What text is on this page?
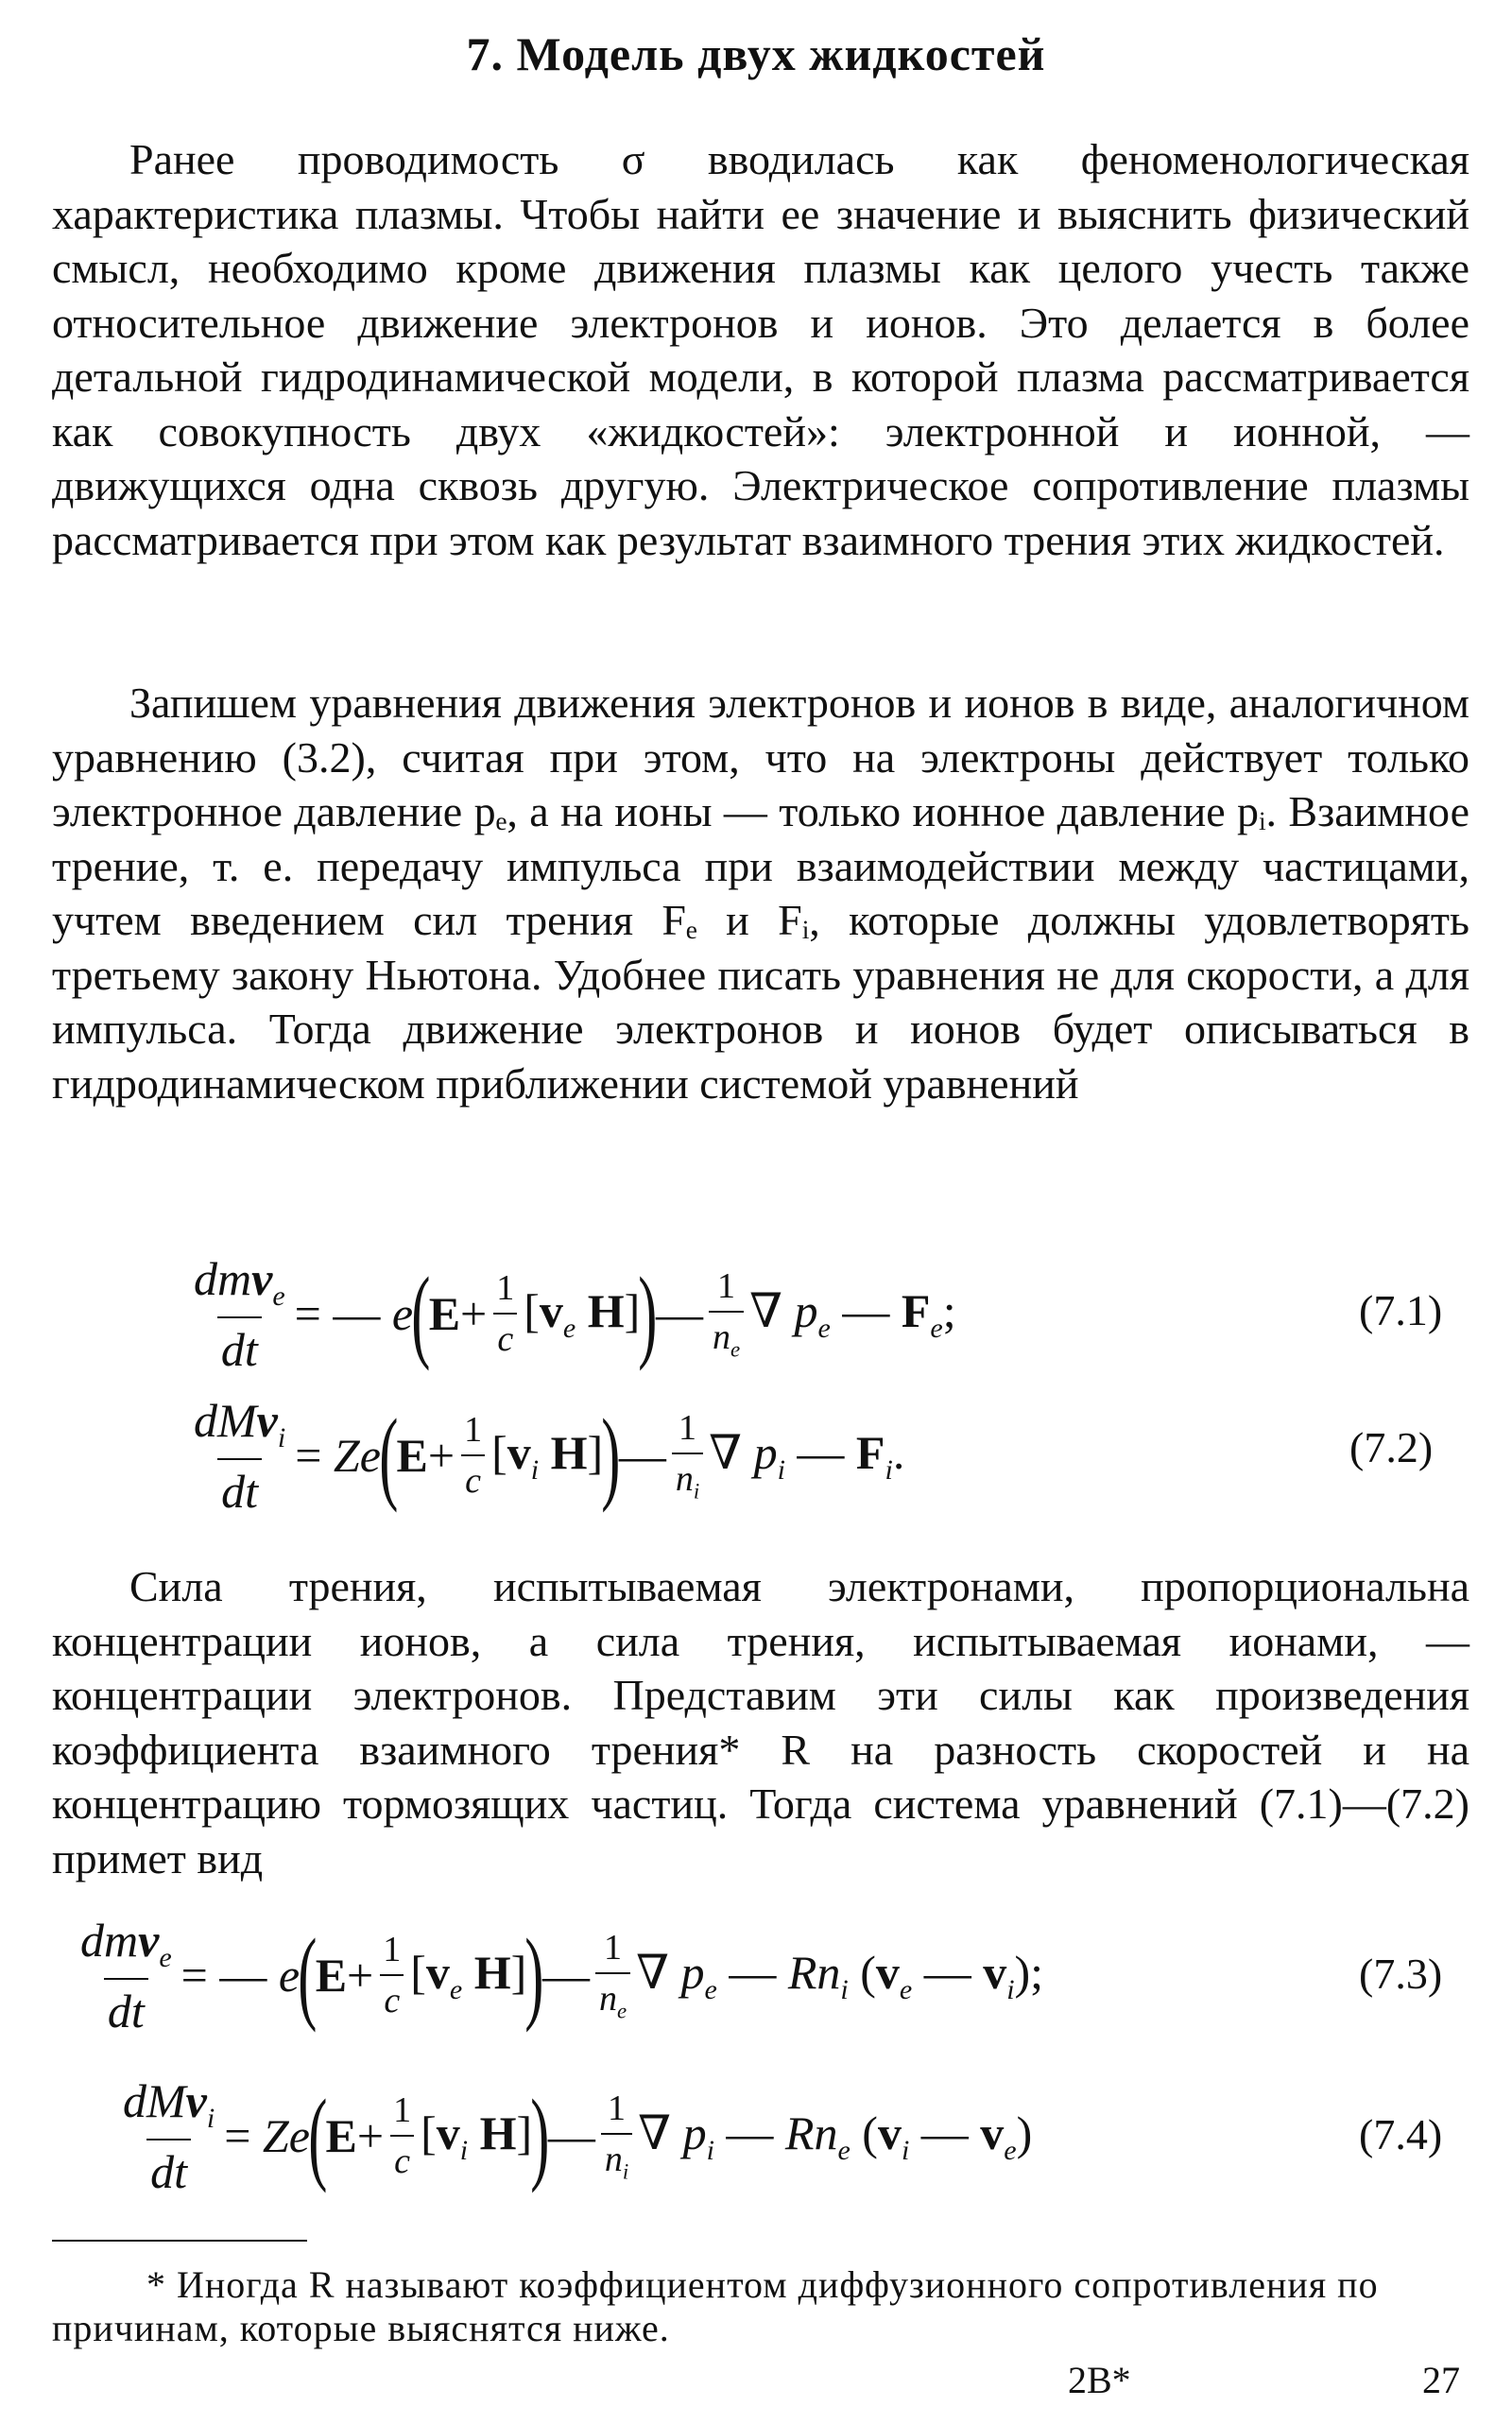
7. Модель двух жидкостей

Ранее проводимость σ вводилась как феноменологическая характеристика плазмы. Чтобы найти ее значение и выяснить физический смысл, необходимо кроме движения плазмы как целого учесть также относительное движение электронов и ионов. Это делается в более детальной гидродинамической модели, в которой плазма рассматривается как совокупность двух «жидкостей»: электронной и ионной, — движущихся одна сквозь другую. Электрическое сопротивление плазмы рассматривается при этом как результат взаимного трения этих жидкостей.

Запишем уравнения движения электронов и ионов в виде, аналогичном уравнению (3.2), считая при этом, что на электроны действует только электронное давление pₑ, а на ионы — только ионное давление pᵢ. Взаимное трение, т. е. передачу импульса при взаимодействии между частицами, учтем введением сил трения Fₑ и Fᵢ, которые должны удовлетворять третьему закону Ньютона. Удобнее писать уравнения не для скорости, а для импульса. Тогда движение электронов и ионов будет описываться в гидродинамическом приближении системой уравнений

$\frac{dmv_e}{dt}$ = — e
(
$E + \frac{1}{c} [v_e$ H]
)
— $\frac{1}{n_e}$ ∇ $p_e$ — $F_e$;	(7.1)
$\frac{dMv_i}{dt} = Ze$
(
$E + \frac{1}{c} [v_i$ H]
)
— $\frac{1}{n_i}$ ∇ $p_i$ — $F_i$.	(7.2)

Сила трения, испытываемая электронами, пропорциональна концентрации ионов, а сила трения, испытываемая ионами, — концентрации электронов. Представим эти силы как произведения коэффициента взаимного трения* R на разность скоростей и на концентрацию тормозящих частиц. Тогда система уравнений (7.1)—(7.2) примет вид

$\frac{dmv_e}{dt}$ = — e
(
$E + \frac{1}{c} [v_e$ H]
)
— $\frac{1}{n_e}$ ∇ $p_e$ — $Rn_i$ ($v_e$ — $v_i$);	(7.3)
$\frac{dMv_i}{dt} = Ze$
(
$E + \frac{1}{c} [v_i$ H]
)
— $\frac{1}{n_i}$ ∇ $p_i$ — $Rn_e$ ($v_i$ — $v_e$)	(7.4)

* Иногда R называют коэффициентом диффузионного сопротивления по причинам, которые выяснятся ниже.

2В*	27
